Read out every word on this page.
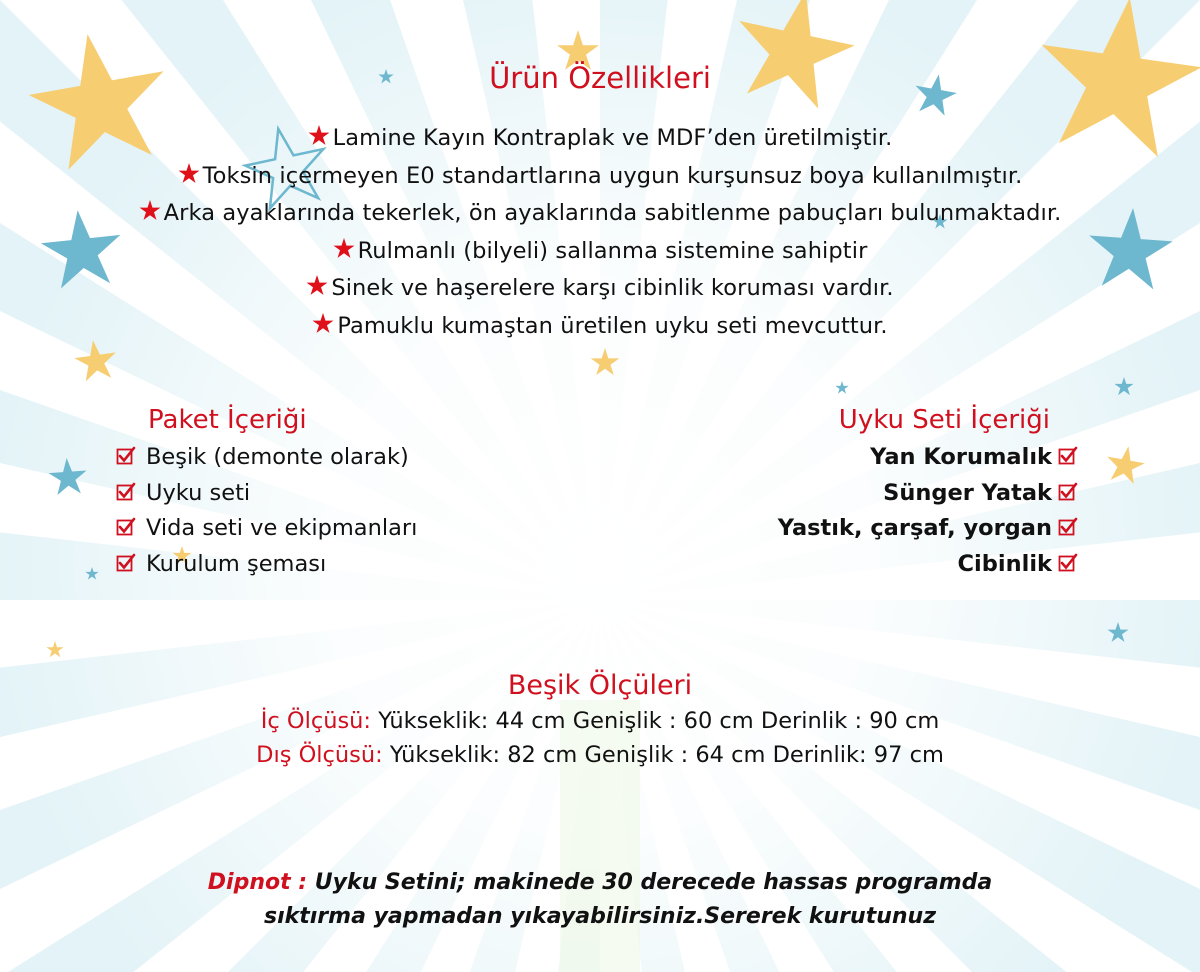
Ürün Özellikleri
Lamine Kayın Kontraplak ve MDF’den üretilmiştir.
Toksin içermeyen E0 standartlarına uygun kurşunsuz boya kullanılmıştır.
Arka ayaklarında tekerlek, ön ayaklarında sabitlenme pabuçları bulunmaktadır.
Rulmanlı (bilyeli) sallanma sistemine sahiptir
Sinek ve haşerelere karşı cibinlik koruması vardır.
Pamuklu kumaştan üretilen uyku seti mevcuttur.
Paket İçeriği
Beşik (demonte olarak)
Uyku seti
Vida seti ve ekipmanları
Kurulum şeması
Uyku Seti İçeriği
Yan Korumalık
Sünger Yatak
Yastık, çarşaf, yorgan
Cibinlik
Beşik Ölçüleri
İç Ölçüsü: Yükseklik: 44 cm Genişlik : 60 cm Derinlik : 90 cm
Dış Ölçüsü: Yükseklik: 82 cm Genişlik : 64 cm Derinlik: 97 cm
Dipnot : Uyku Setini; makinede 30 derecede hassas programda
sıktırma yapmadan yıkayabilirsiniz.Sererek kurutunuz
